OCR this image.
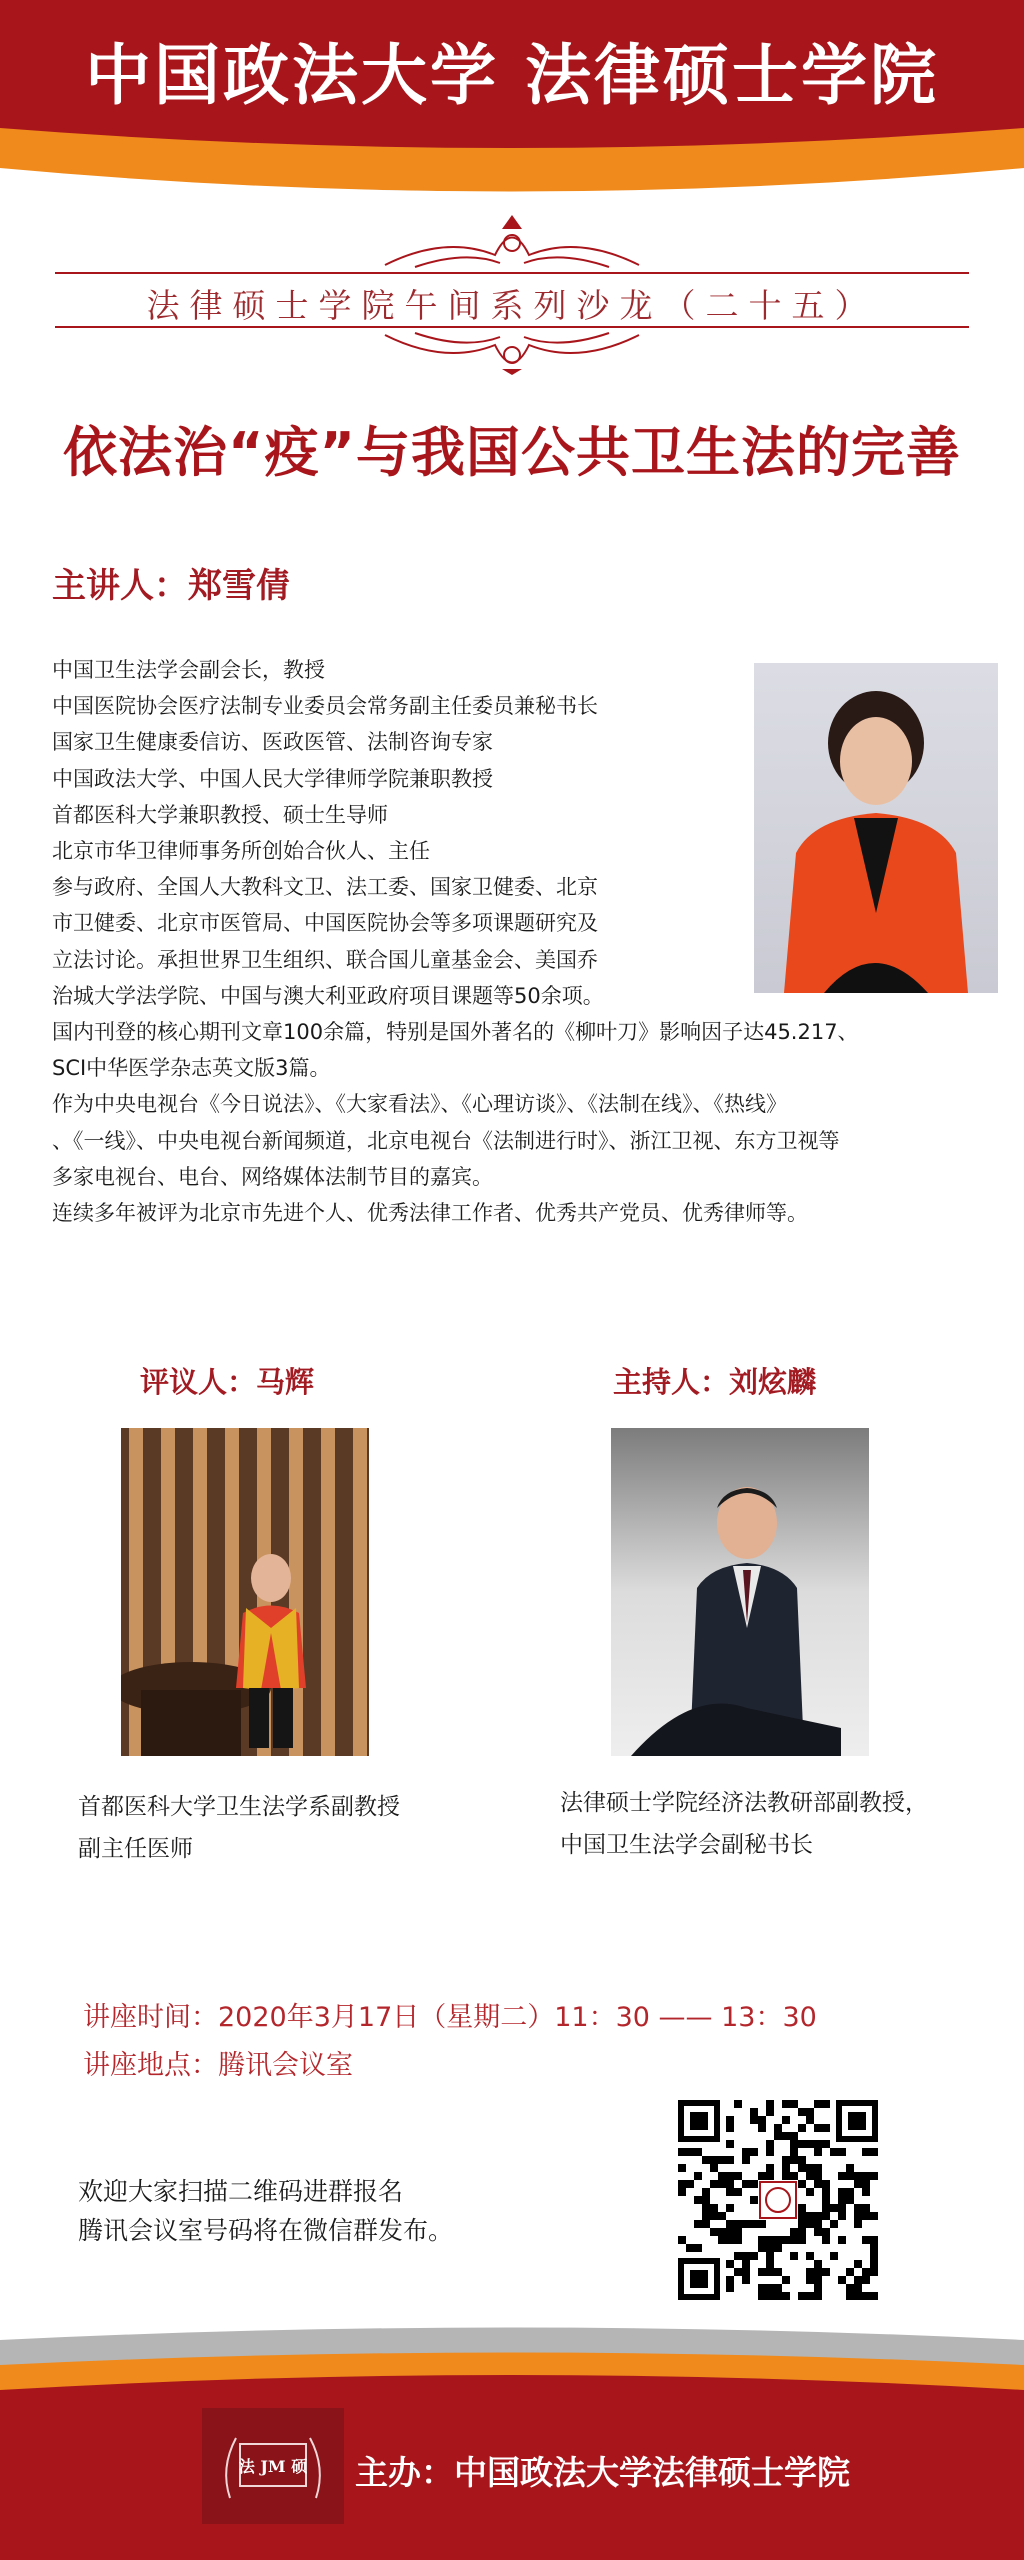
中国政法大学 法律硕士学院
法律硕士学院午间系列沙龙（二十五）
依法治“疫”与我国公共卫生法的完善
主讲人：郑雪倩
中国卫生法学会副会长，教授
中国医院协会医疗法制专业委员会常务副主任委员兼秘书长
国家卫生健康委信访、医政医管、法制咨询专家
中国政法大学、中国人民大学律师学院兼职教授
首都医科大学兼职教授、硕士生导师
北京市华卫律师事务所创始合伙人、主任
参与政府、全国人大教科文卫、法工委、国家卫健委、北京
市卫健委、北京市医管局、中国医院协会等多项课题研究及
立法讨论。承担世界卫生组织、联合国儿童基金会、美国乔
治城大学法学院、中国与澳大利亚政府项目课题等50余项。
国内刊登的核心期刊文章100余篇，特别是国外著名的《柳叶刀》影响因子达45.217、
SCI中华医学杂志英文版3篇。
作为中央电视台《今日说法》、《大家看法》、《心理访谈》、《法制在线》、《热线》
、《一线》、中央电视台新闻频道，北京电视台《法制进行时》、浙江卫视、东方卫视等
多家电视台、电台、网络媒体法制节目的嘉宾。
连续多年被评为北京市先进个人、优秀法律工作者、优秀共产党员、优秀律师等。
评议人：马辉	主持人：刘炫麟
首都医科大学卫生法学系副教授
副主任医师
法律硕士学院经济法教研部副教授，
中国卫生法学会副秘书长
讲座时间：2020年3月17日（星期二）11：30 —— 13：30
讲座地点：腾讯会议室
欢迎大家扫描二维码进群报名
腾讯会议室号码将在微信群发布。
法 JM 硕 主办：中国政法大学法律硕士学院
